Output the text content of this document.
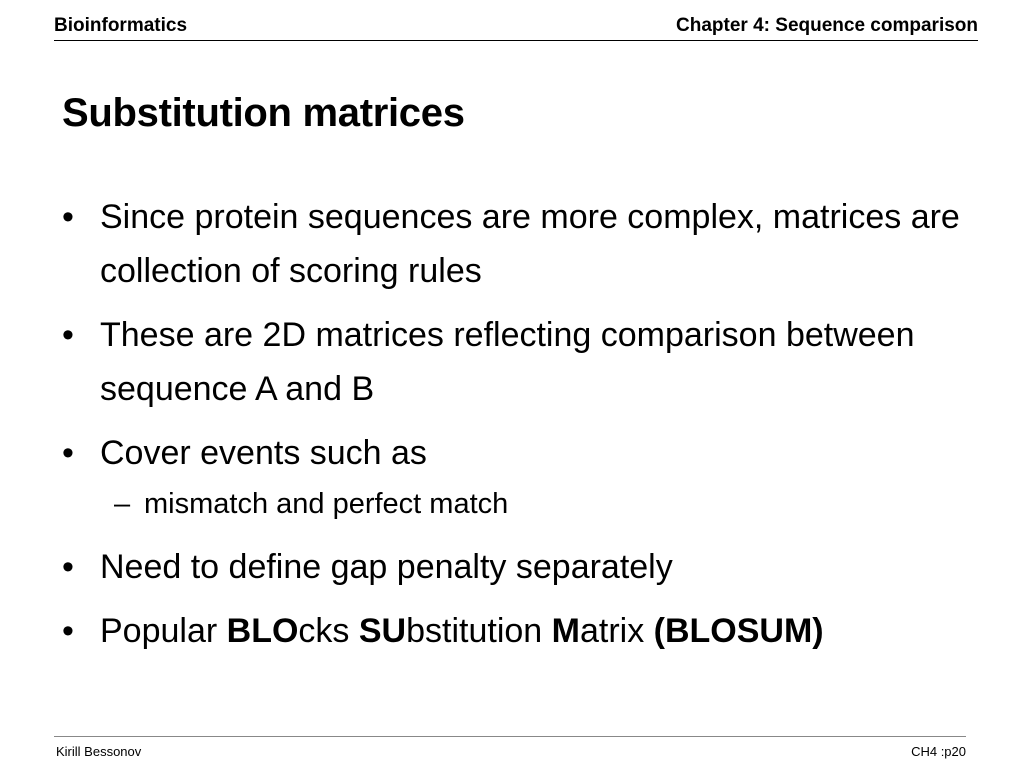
Bioinformatics	Chapter 4: Sequence comparison
Substitution matrices
• Since protein sequences are more complex, matrices are collection of scoring rules
• These are 2D matrices reflecting comparison between sequence A and B
• Cover events such as
– mismatch and perfect match
• Need to define gap penalty separately
• Popular BLOcks SUbstitution Matrix (BLOSUM)
Kirill Bessonov	CH4 :p20
